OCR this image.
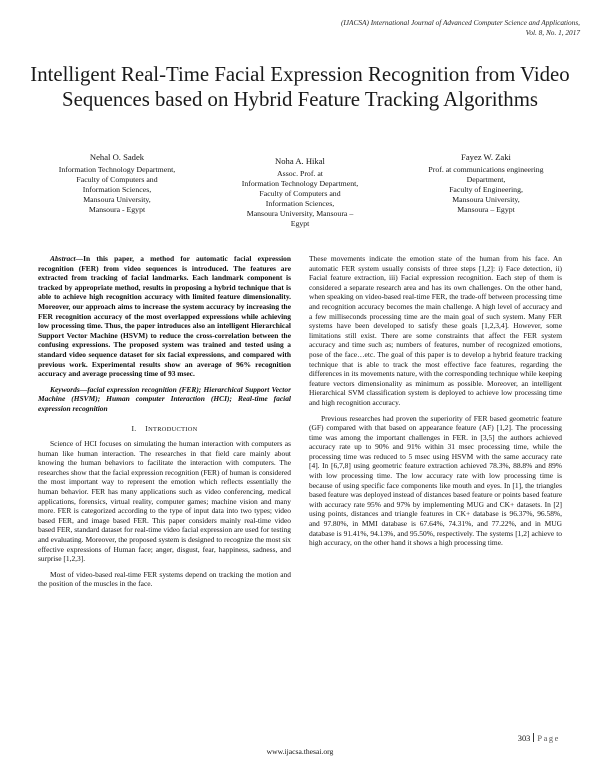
(IJACSA) International Journal of Advanced Computer Science and Applications,
Vol. 8, No. 1, 2017
Intelligent Real-Time Facial Expression Recognition from Video Sequences based on Hybrid Feature Tracking Algorithms
Nehal O. Sadek
Information Technology Department,
Faculty of Computers and
Information Sciences,
Mansoura University,
Mansoura - Egypt
Noha A. Hikal
Assoc. Prof. at
Information Technology Department,
Faculty of Computers and
Information Sciences,
Mansoura University, Mansoura –
Egypt
Fayez W. Zaki
Prof. at communications engineering
Department,
Faculty of Engineering,
Mansoura University,
Mansoura – Egypt

Abstract—In this paper, a method for automatic facial expression recognition (FER) from video sequences is introduced. The features are extracted from tracking of facial landmarks. Each landmark component is tracked by appropriate method, results in proposing a hybrid technique that is able to achieve high recognition accuracy with limited feature dimensionality. Moreover, our approach aims to increase the system accuracy by increasing the FER recognition accuracy of the most overlapped expressions while achieving low processing time. Thus, the paper introduces also an intelligent Hierarchical Support Vector Machine (HSVM) to reduce the cross-correlation between the confusing expressions. The proposed system was trained and tested using a standard video sequence dataset for six facial expressions, and compared with previous work. Experimental results show an average of 96% recognition accuracy and average processing time of 93 msec.

Keywords—facial expression recognition (FER); Hierarchical Support Vector Machine (HSVM); Human computer Interaction (HCI); Real-time facial expression recognition

I. INTRODUCTION

Science of HCI focuses on simulating the human interaction with computers as human like human interaction. The researches in that field care mainly about knowing the human behaviors to facilitate the interaction with computers. The researches show that the facial expression recognition (FER) of human is considered the most important way to represent the emotion which reflects essentially the human behavior. FER has many applications such as video conferencing, medical applications, forensics, virtual reality, computer games; machine vision and many more. FER is categorized according to the type of input data into two types; video based FER, and image based FER. This paper considers mainly real-time video based FER, standard dataset for real-time video facial expression are used for testing and evaluating. Moreover, the proposed system is designed to recognize the most six effective expressions of Human face; anger, disgust, fear, happiness, sadness, and surprise [1,2,3].

Most of video-based real-time FER systems depend on tracking the motion and the position of the muscles in the face.

These movements indicate the emotion state of the human from his face. An automatic FER system usually consists of three steps [1,2]: i) Face detection, ii) Facial feature extraction, iii) Facial expression recognition. Each step of them is considered a separate research area and has its own challenges. On the other hand, when speaking on video-based real-time FER, the trade-off between processing time and recognition accuracy becomes the main challenge. A high level of accuracy and a few milliseconds processing time are the main goal of such system. Many FER systems have been developed to satisfy these goals [1,2,3,4]. However, some limitations still exist. There are some constraints that affect the FER system accuracy and time such as; numbers of features, number of recognized emotions, pose of the face…etc. The goal of this paper is to develop a hybrid feature tracking technique that is able to track the most effective face features, regarding the differences in its movements nature, with the corresponding technique while keeping feature vectors dimensionality as minimum as possible. Moreover, an intelligent Hierarchical SVM classification system is deployed to achieve low processing time and high recognition accuracy.

Previous researches had proven the superiority of FER based geometric feature (GF) compared with that based on appearance feature (AF) [1,2]. The processing time was among the important challenges in FER. in [3,5] the authors achieved accuracy rate up to 90% and 91% within 31 msec processing time, while the processing time was reduced to 5 msec using HSVM with the same accuracy rate [4]. In [6,7,8] using geometric feature extraction achieved 78.3%, 88.8% and 89% with low processing time. The low accuracy rate with low processing time is because of using specific face components like mouth and eyes. In [1], the triangles based feature was deployed instead of distances based feature or points based feature with accuracy rate 95% and 97% by implementing MUG and CK+ datasets. In [2] using points, distances and triangle features in CK+ database is 96.37%, 96.58%, and 97.80%, in MMI database is 67.64%, 74.31%, and 77.22%, and in MUG database is 91.41%, 94.13%, and 95.50%, respectively. The systems [1,2] achieve to high accuracy, on the other hand it shows a high processing time.

303 Page
www.ijacsa.thesai.org
